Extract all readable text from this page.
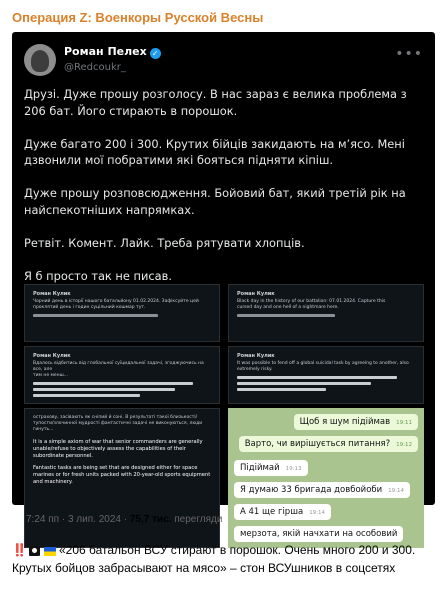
Операция Z: Военкоры Русской Весны
Роман Пелех ✓
@Redcoukr_
•••

Друзі. Дуже прошу розголосу. В нас зараз є велика проблема з 206 бат. Його стирають в порошок.

Дуже багато 200 і 300. Крутих бійців закидають на м’ясо. Мені дзвонили мої побратими які бояться підняти кіпіш.

Дуже прошу розповсюдження. Бойовий бат, який третій рік на найспекотніших напрямках.

Ретвіт. Комент. Лайк. Треба рятувати хлопців.

Я б просто так не писав.

Роман Кулик
Чорний день в історії нашого батальйону 01.02.2024. Зафіксуйте цей
проклятий день і годин суцільний кошмар тут.
Роман Кулик
Black day in the history of our battalion: 07.01.2024. Capture this
cursed day and one hell of a nightmare here.
Роман Кулик
Вдалось відбитись від глобальної суїцидальної задачі, згоджуючись на все, але
тим не менш...
Роман Кулик
It was possible to fend off a global suicidal task by agreeing to another, also
extremely risky.
острахову, засівають як сніпий й соні. В результаті такої близькості/
тупости/злочинної мудрості фантастичні задачі не виконуються, люди
гинуть...
It is a simple axiom of war that senior commanders are generally unable/refuse to objectively assess the capabilities of their subordinate personnel.
Fantastic tasks are being set that are designed either for space marines or for fresh units packed with 20-year-old sports equipment and machinery.
Щоб я шум підіймав 19:11
Варто, чи вирішується питання? 19:12
Підіймай 19:13
Я думаю 33 бригада довбойоби 19:14
А 41 ще гірша 19:14
мерзота, якій начхати на особовий
7:24 пп · 3 лип. 2024 · 75,7 тис. перегляди
‼️	«206 батальон ВСУ стирают в порошок. Очень много 200 и 300. Крутых бойцов забрасывают на мясо» – стон ВСУшников в соцсетях
